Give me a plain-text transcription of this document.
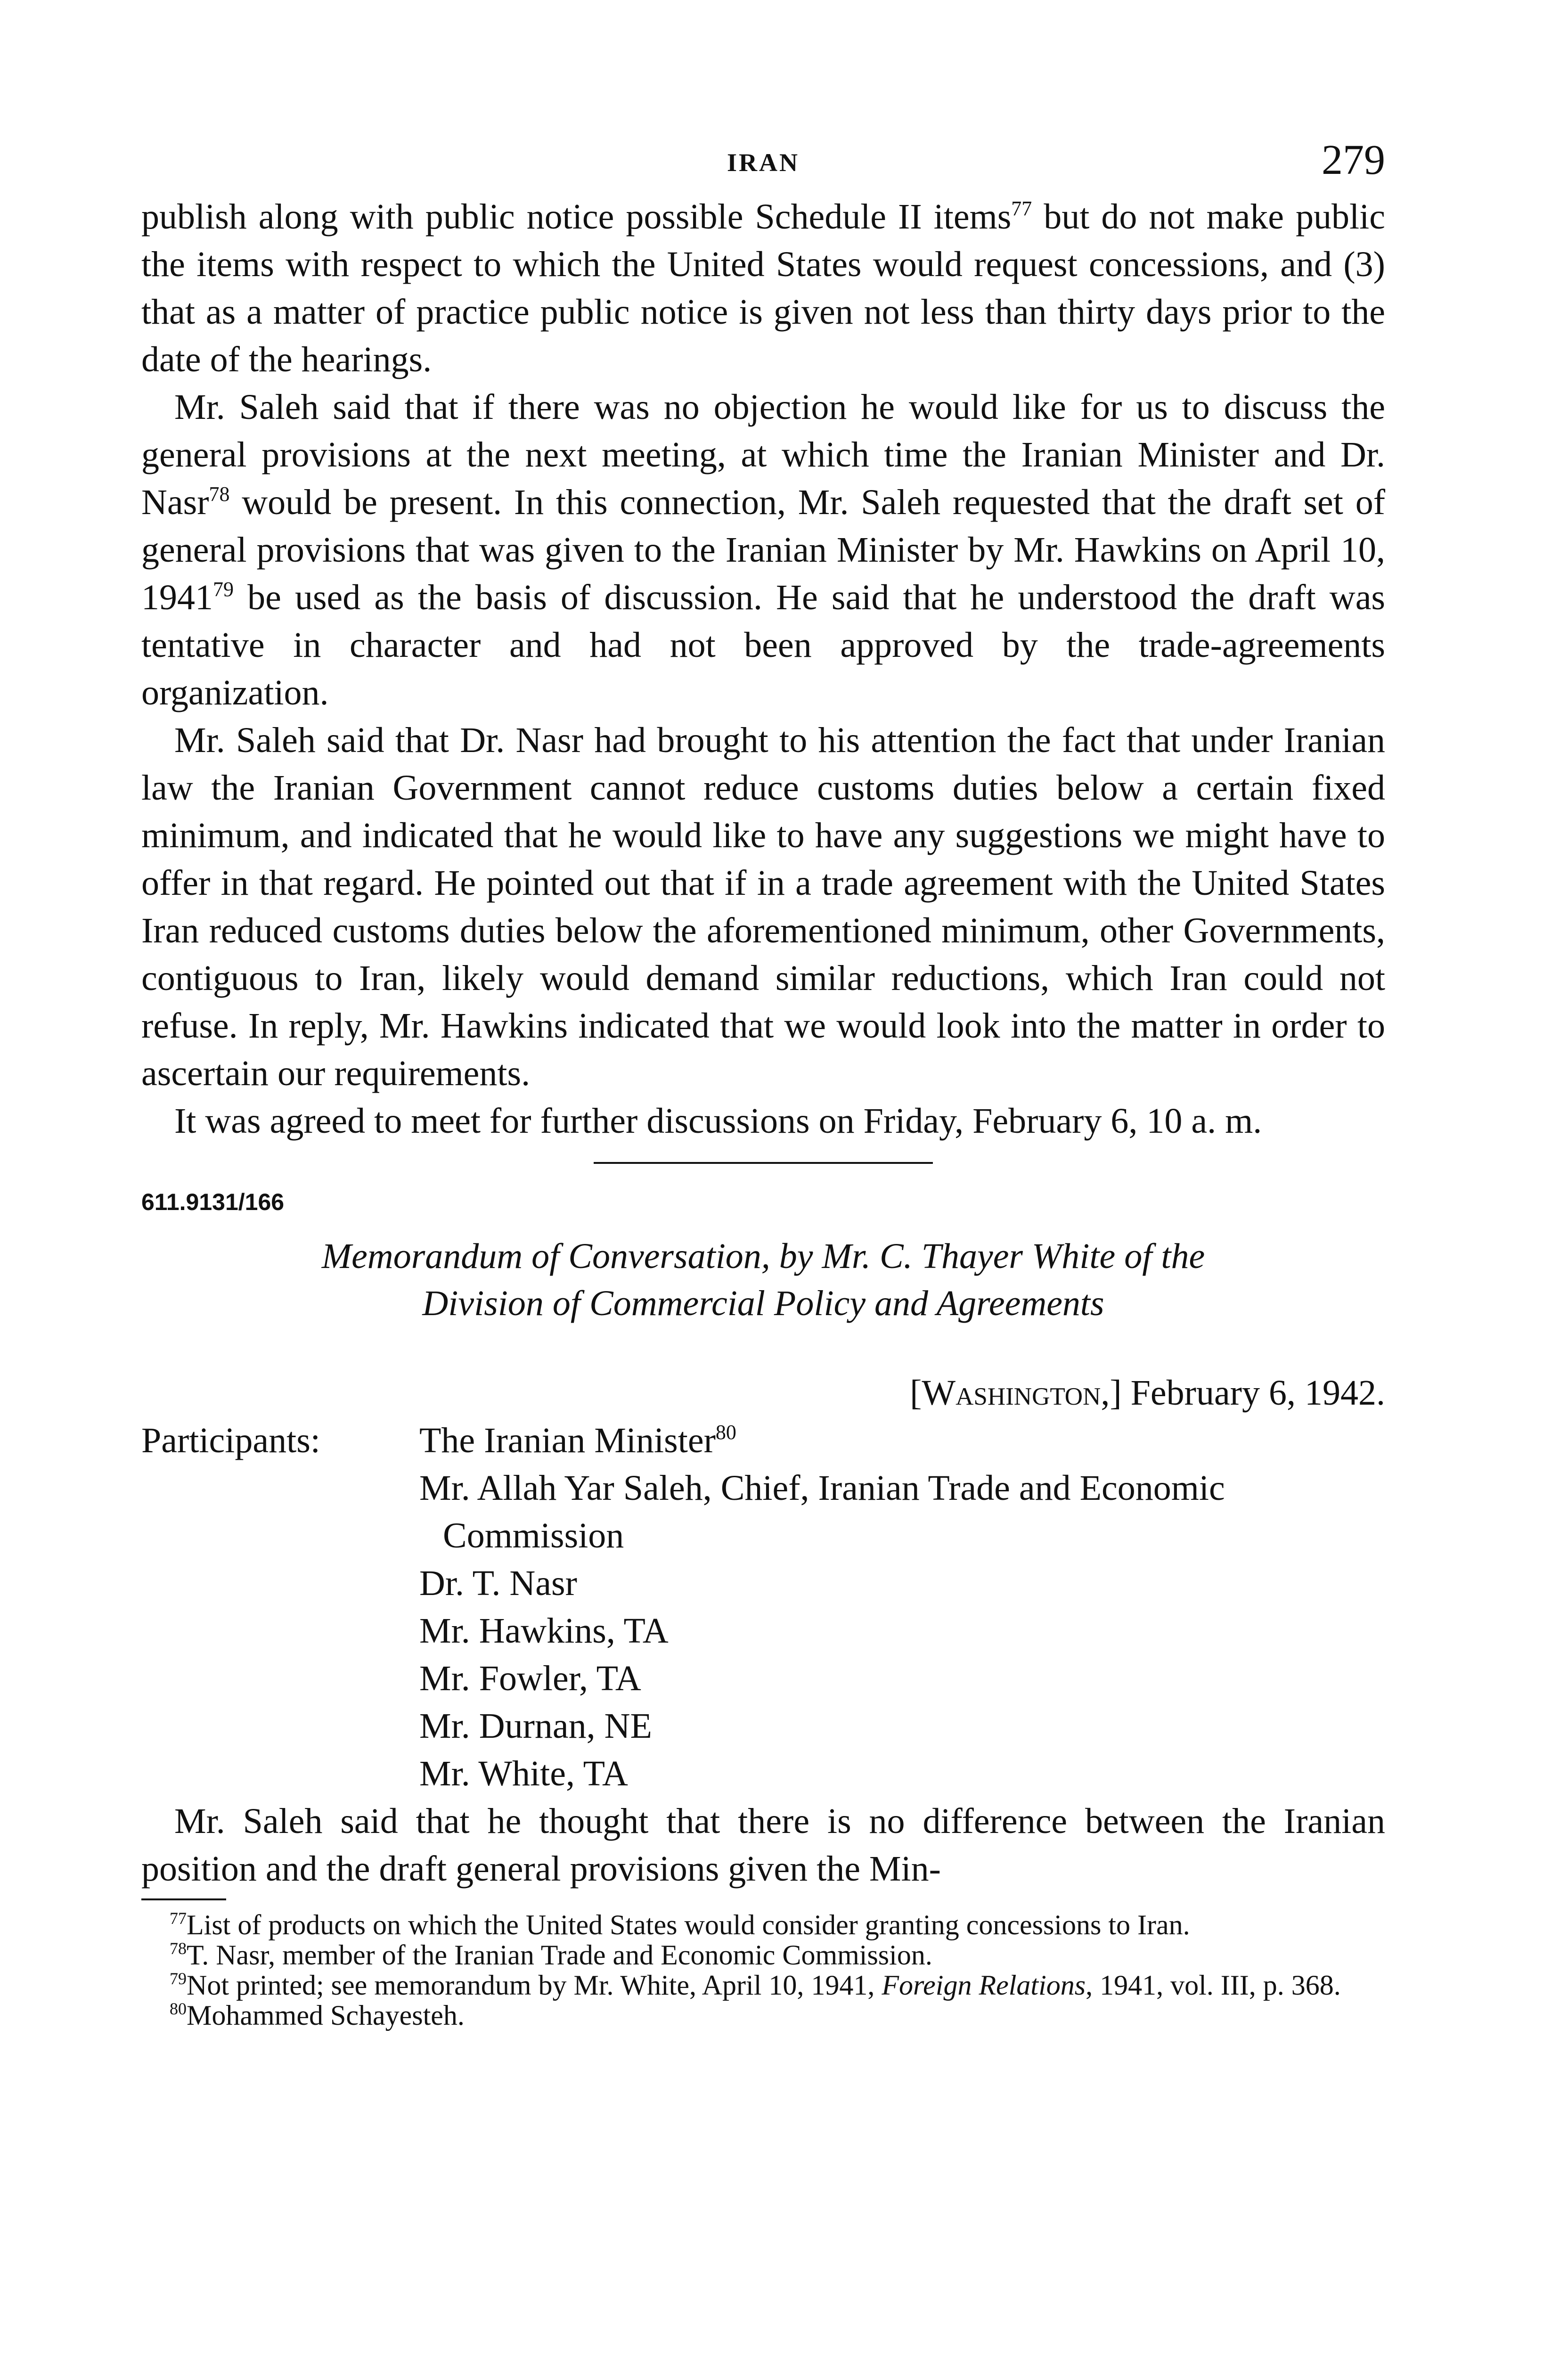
IRAN	279

publish along with public notice possible Schedule II items$^{77}$ but do not make public the items with respect to which the United States would request concessions, and (3) that as a matter of practice public notice is given not less than thirty days prior to the date of the hearings.

Mr. Saleh said that if there was no objection he would like for us to discuss the general provisions at the next meeting, at which time the Iranian Minister and Dr. Nasr$^{78}$ would be present. In this connection, Mr. Saleh requested that the draft set of general provisions that was given to the Iranian Minister by Mr. Hawkins on April 10, 1941$^{79}$ be used as the basis of discussion. He said that he understood the draft was tentative in character and had not been approved by the trade-agreements organization.

Mr. Saleh said that Dr. Nasr had brought to his attention the fact that under Iranian law the Iranian Government cannot reduce customs duties below a certain fixed minimum, and indicated that he would like to have any suggestions we might have to offer in that regard. He pointed out that if in a trade agreement with the United States Iran reduced customs duties below the aforementioned minimum, other Governments, contiguous to Iran, likely would demand similar reductions, which Iran could not refuse. In reply, Mr. Hawkins indicated that we would look into the matter in order to ascertain our requirements.

It was agreed to meet for further discussions on Friday, February 6, 10 a. m.

611.9131/166
Memorandum of Conversation, by Mr. C. Thayer White of the
Division of Commercial Policy and Agreements
[Washington,] February 6, 1942.
Participants:	The Iranian Minister$^{80}$
Mr. Allah Yar Saleh, Chief, Iranian Trade and Economic Commission
Dr. T. Nasr
Mr. Hawkins, TA
Mr. Fowler, TA
Mr. Durnan, NE
Mr. White, TA

Mr. Saleh said that he thought that there is no difference between the Iranian position and the draft general provisions given the Min-

$^{77}$List of products on which the United States would consider granting concessions to Iran.

$^{78}$T. Nasr, member of the Iranian Trade and Economic Commission.

$^{79}$Not printed; see memorandum by Mr. White, April 10, 1941, Foreign Relations, 1941, vol. III, p. 368.

$^{80}$Mohammed Schayesteh.
